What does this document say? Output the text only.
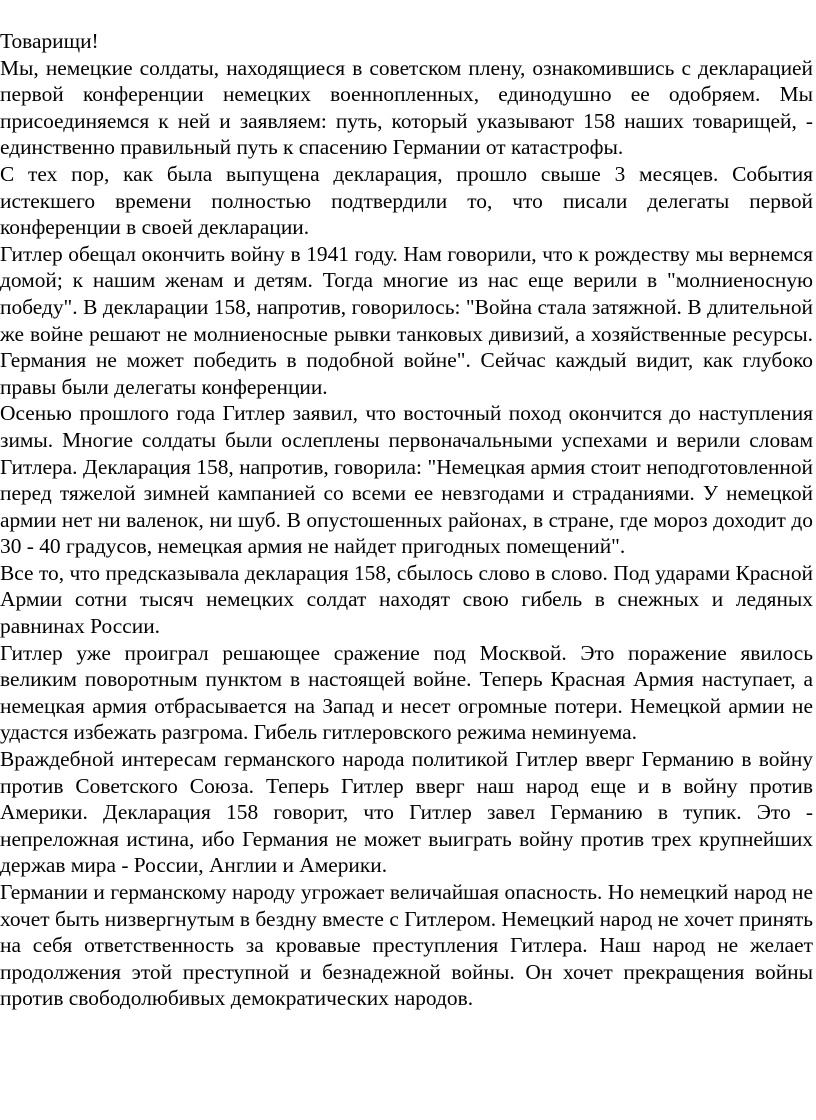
Товарищи!

Мы, немецкие солдаты, находящиеся в советском плену, ознакомившись с декларацией первой конференции немецких военнопленных, единодушно ее одобряем. Мы присоединяемся к ней и заявляем: путь, который указывают 158 наших товарищей, - единственно правильный путь к спасению Германии от катастрофы.

С тех пор, как была выпущена декларация, прошло свыше 3 месяцев. События истекшего времени полностью подтвердили то, что писали делегаты первой конференции в своей декларации.

Гитлер обещал окончить войну в 1941 году. Нам говорили, что к рождеству мы вернемся домой; к нашим женам и детям. Тогда многие из нас еще верили в "молниеносную победу". В декларации 158, напротив, говорилось: "Война стала затяжной. В длительной же войне решают не молниеносные рывки танковых дивизий, а хозяйственные ресурсы. Германия не может победить в подобной войне". Сейчас каждый видит, как глубоко правы были делегаты конференции.

Осенью прошлого года Гитлер заявил, что восточный поход окончится до наступления зимы. Многие солдаты были ослеплены первоначальными успехами и верили словам Гитлера. Декларация 158, напротив, говорила: "Немецкая армия стоит неподготовленной перед тяжелой зимней кампанией со всеми ее невзгодами и страданиями. У немецкой армии нет ни валенок, ни шуб. В опустошенных районах, в стране, где мороз доходит до 30 - 40 градусов, немецкая армия не найдет пригодных помещений".

Все то, что предсказывала декларация 158, сбылось слово в слово. Под ударами Красной Армии сотни тысяч немецких солдат находят свою гибель в снежных и ледяных равнинах России.

Гитлер уже проиграл решающее сражение под Москвой. Это поражение явилось великим поворотным пунктом в настоящей войне. Теперь Красная Армия наступает, а немецкая армия отбрасывается на Запад и несет огромные потери. Немецкой армии не удастся избежать разгрома. Гибель гитлеровского режима неминуема.

Враждебной интересам германского народа политикой Гитлер вверг Германию в войну против Советского Союза. Теперь Гитлер вверг наш народ еще и в войну против Америки. Декларация 158 говорит, что Гитлер завел Германию в тупик. Это - непреложная истина, ибо Германия не может выиграть войну против трех крупнейших держав мира - России, Англии и Америки.

Германии и германскому народу угрожает величайшая опасность. Но немецкий народ не хочет быть низвергнутым в бездну вместе с Гитлером. Немецкий народ не хочет принять на себя ответственность за кровавые преступления Гитлера. Наш народ не желает продолжения этой преступной и безнадежной войны. Он хочет прекращения войны против свободолюбивых демократических народов.
